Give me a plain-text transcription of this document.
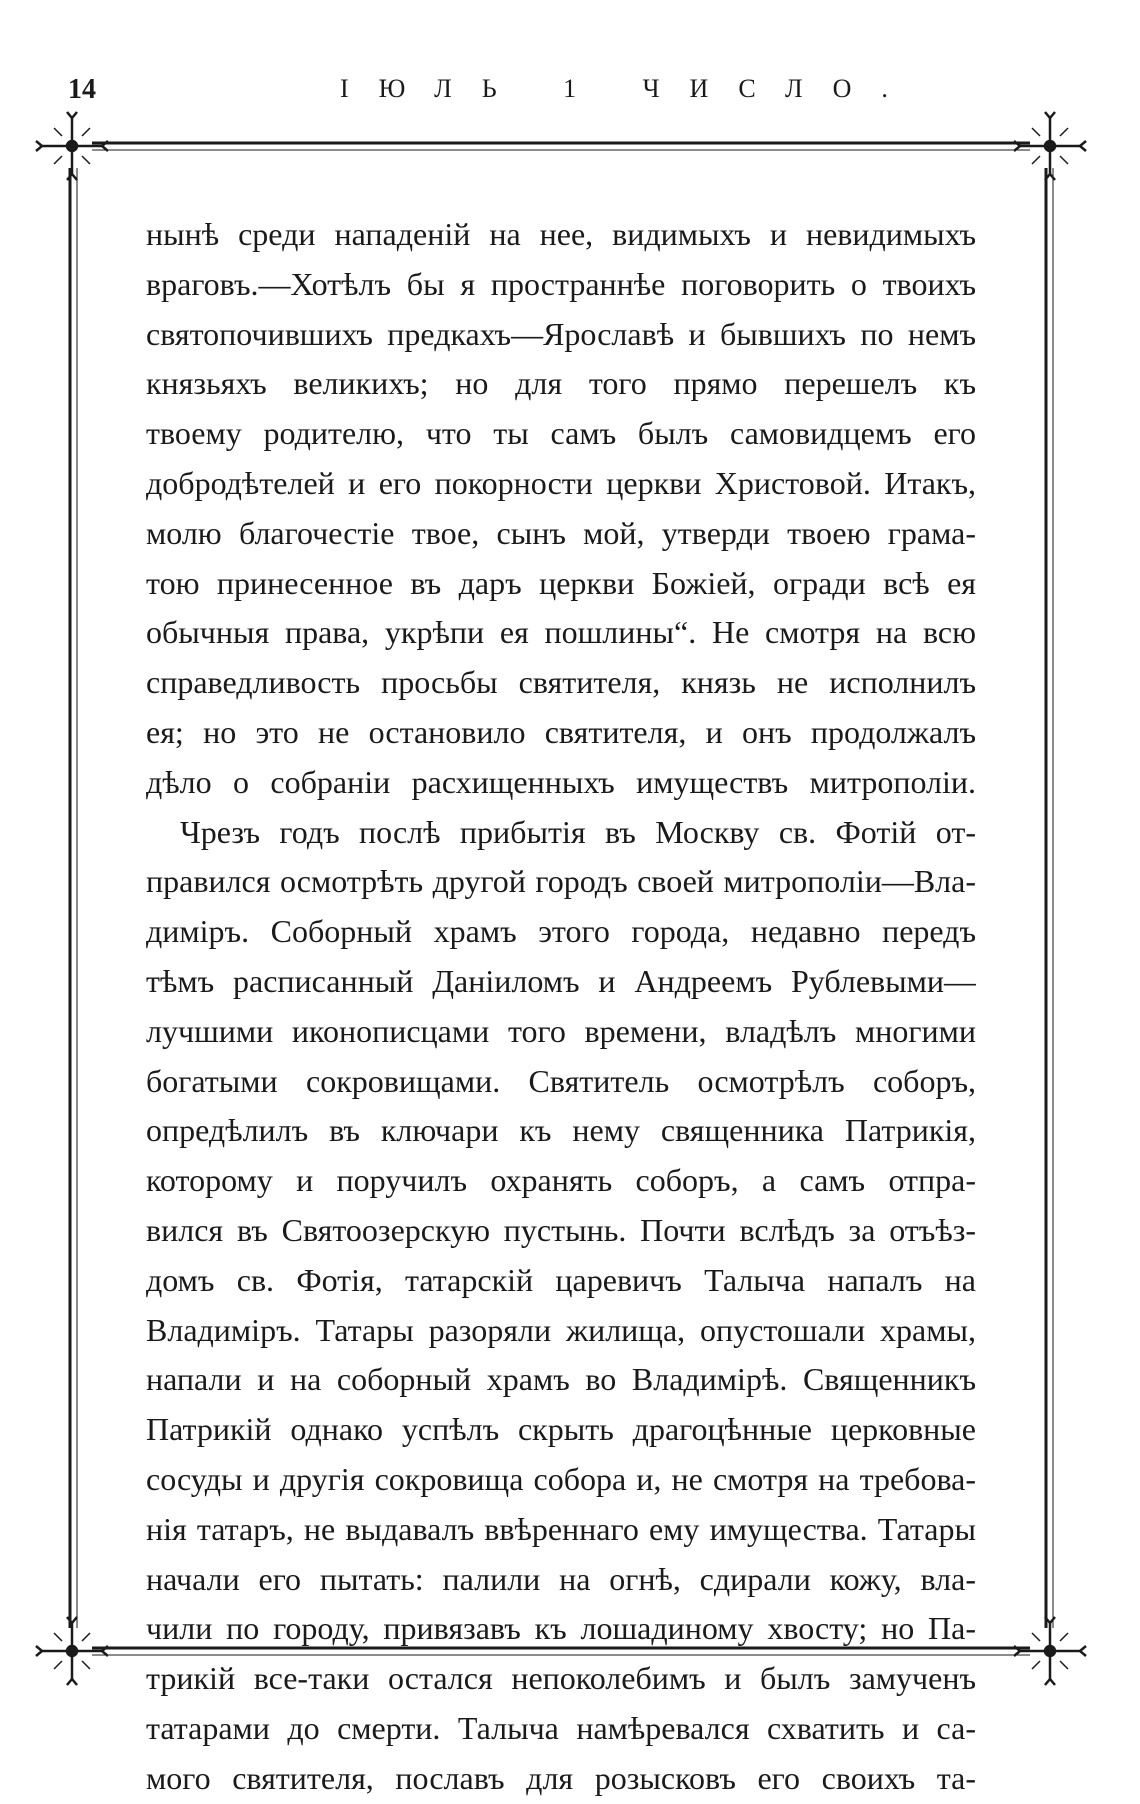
14	ІЮЛЬ 1 ЧИСЛО.
нынѣ среди нападеній на нее, видимыхъ и невидимыхъ
враговъ.—Хотѣлъ бы я пространнѣе поговорить о твоихъ
святопочившихъ предкахъ—Ярославѣ и бывшихъ по немъ
князьяхъ великихъ; но для того прямо перешелъ къ
твоему родителю, что ты самъ былъ самовидцемъ его
добродѣтелей и его покорности церкви Христовой. Итакъ,
молю благочестіе твое, сынъ мой, утверди твоею грама-
тою принесенное въ даръ церкви Божіей, огради всѣ ея
обычныя права, укрѣпи ея пошлины“. Не смотря на всю
справедливость просьбы святителя, князь не исполнилъ
ея; но это не остановило святителя, и онъ продолжалъ
дѣло о собраніи расхищенныхъ имуществъ митрополіи.
Чрезъ годъ послѣ прибытія въ Москву св. Фотій от-
правился осмотрѣть другой городъ своей митрополіи—Вла-
диміръ. Соборный храмъ этого города, недавно передъ
тѣмъ расписанный Даніиломъ и Андреемъ Рублевыми—
лучшими иконописцами того времени, владѣлъ многими
богатыми сокровищами. Святитель осмотрѣлъ соборъ,
опредѣлилъ въ ключари къ нему священника Патрикія,
которому и поручилъ охранять соборъ, а самъ отпра-
вился въ Святоозерскую пустынь. Почти вслѣдъ за отъѣз-
домъ св. Фотія, татарскій царевичъ Талыча напалъ на
Владиміръ. Татары разоряли жилища, опустошали храмы,
напали и на соборный храмъ во Владимірѣ. Священникъ
Патрикій однако успѣлъ скрыть драгоцѣнные церковные
сосуды и другія сокровища собора и, не смотря на требова-
нія татаръ, не выдавалъ ввѣреннаго ему имущества. Татары
начали его пытать: палили на огнѣ, сдирали кожу, вла-
чили по городу, привязавъ къ лошадиному хвосту; но Па-
трикій все-таки остался непоколебимъ и былъ замученъ
татарами до смерти. Талыча намѣревался схватить и са-
мого святителя, пославъ для розысковъ его своихъ та-
